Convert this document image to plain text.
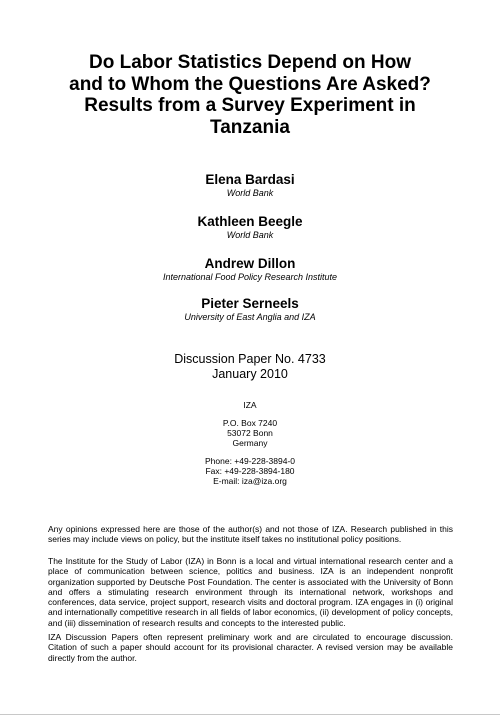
Do Labor Statistics Depend on How
and to Whom the Questions Are Asked?
Results from a Survey Experiment in
Tanzania
Elena Bardasi
World Bank
Kathleen Beegle
World Bank
Andrew Dillon
International Food Policy Research Institute
Pieter Serneels
University of East Anglia and IZA
Discussion Paper No. 4733
January 2010
IZA
P.O. Box 7240
53072 Bonn
Germany
Phone: +49-228-3894-0
Fax: +49-228-3894-180
E-mail: iza@iza.org

Any opinions expressed here are those of the author(s) and not those of IZA. Research published in this series may include views on policy, but the institute itself takes no institutional policy positions.

The Institute for the Study of Labor (IZA) in Bonn is a local and virtual international research center and a place of communication between science, politics and business. IZA is an independent nonprofit organization supported by Deutsche Post Foundation. The center is associated with the University of Bonn and offers a stimulating research environment through its international network, workshops and conferences, data service, project support, research visits and doctoral program. IZA engages in (i) original and internationally competitive research in all fields of labor economics, (ii) development of policy concepts, and (iii) dissemination of research results and concepts to the interested public.

IZA Discussion Papers often represent preliminary work and are circulated to encourage discussion. Citation of such a paper should account for its provisional character. A revised version may be available directly from the author.
